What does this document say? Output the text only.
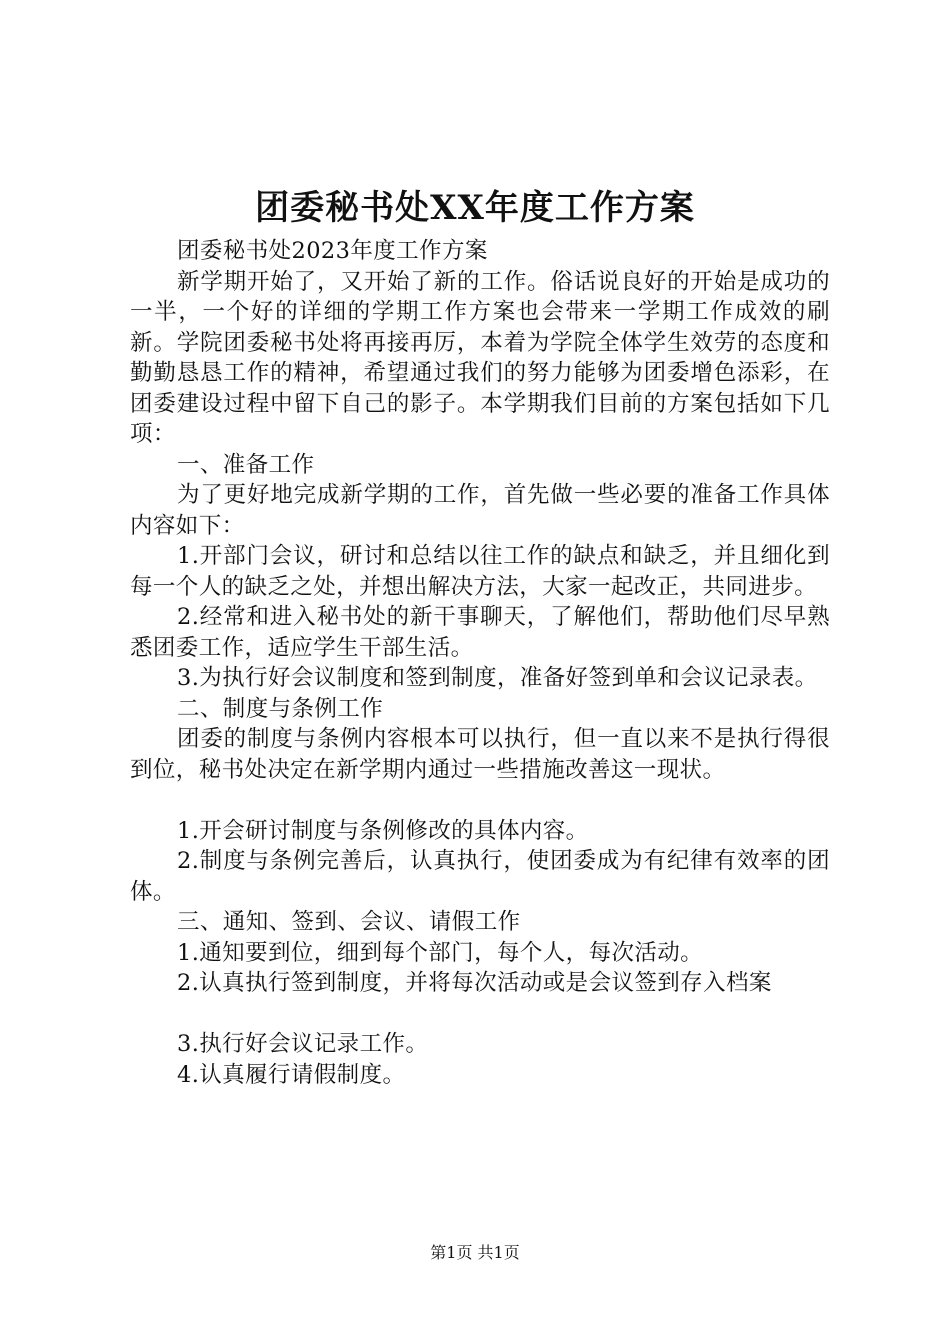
团委秘书处XX年度工作方案

团委秘书处2023年度工作方案

新学期开始了，又开始了新的工作。俗话说良好的开始是成功的一半，一个好的详细的学期工作方案也会带来一学期工作成效的刷新。学院团委秘书处将再接再厉，本着为学院全体学生效劳的态度和勤勤恳恳工作的精神，希望通过我们的努力能够为团委增色添彩，在团委建设过程中留下自己的影子。本学期我们目前的方案包括如下几项：

一、准备工作

为了更好地完成新学期的工作，首先做一些必要的准备工作具体内容如下：

1.开部门会议，研讨和总结以往工作的缺点和缺乏，并且细化到每一个人的缺乏之处，并想出解决方法，大家一起改正，共同进步。

2.经常和进入秘书处的新干事聊天，了解他们，帮助他们尽早熟悉团委工作，适应学生干部生活。

3.为执行好会议制度和签到制度，准备好签到单和会议记录表。

二、制度与条例工作

团委的制度与条例内容根本可以执行，但一直以来不是执行得很到位，秘书处决定在新学期内通过一些措施改善这一现状。

1.开会研讨制度与条例修改的具体内容。

2.制度与条例完善后，认真执行，使团委成为有纪律有效率的团体。

三、通知、签到、会议、请假工作

1.通知要到位，细到每个部门，每个人，每次活动。

2.认真执行签到制度，并将每次活动或是会议签到存入档案

3.执行好会议记录工作。

4.认真履行请假制度。

第1页 共1页
